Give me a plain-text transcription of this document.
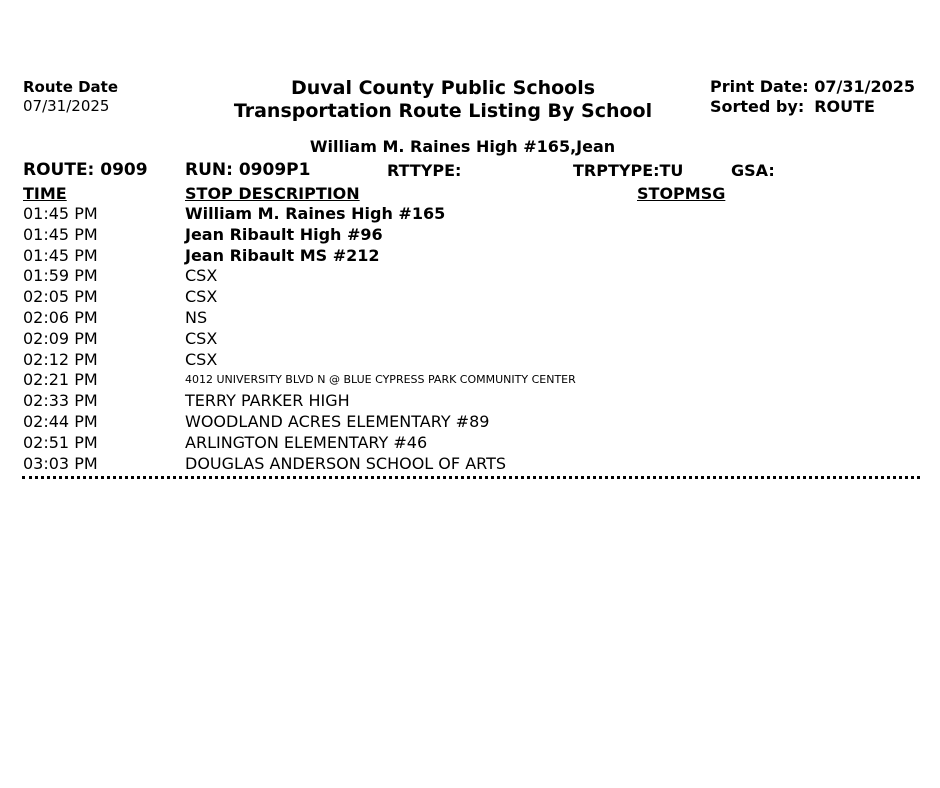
Route Date
07/31/2025
Duval County Public Schools
Transportation Route Listing By School
Print Date: 07/31/2025
Sorted by: ROUTE
William M. Raines High #165,Jean
ROUTE: 0909 RUN: 0909P1	RTTYPE:	TRPTYPE:TU	GSA:
TIME	STOP DESCRIPTION	STOPMSG
01:45 PM	William M. Raines High #165
01:45 PM	Jean Ribault High #96
01:45 PM	Jean Ribault MS #212
01:59 PM	CSX
02:05 PM	CSX
02:06 PM	NS
02:09 PM	CSX
02:12 PM	CSX
02:21 PM	4012 UNIVERSITY BLVD N @ BLUE CYPRESS PARK COMMUNITY CENTER
02:33 PM	TERRY PARKER HIGH
02:44 PM	WOODLAND ACRES ELEMENTARY #89
02:51 PM	ARLINGTON ELEMENTARY #46
03:03 PM	DOUGLAS ANDERSON SCHOOL OF ARTS
